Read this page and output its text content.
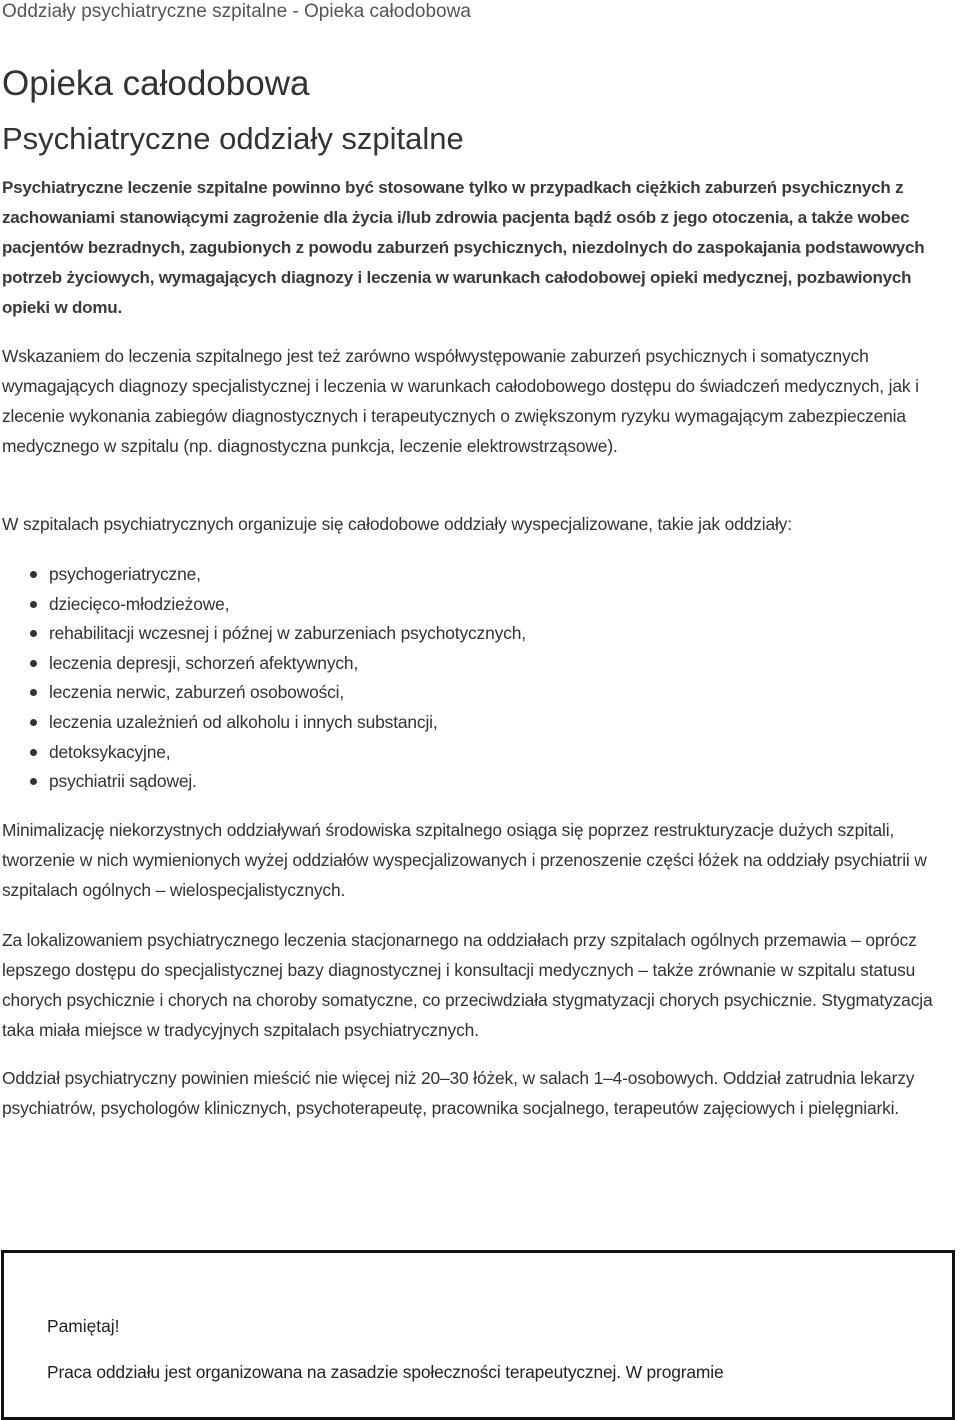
Oddziały psychiatryczne szpitalne - Opieka całodobowa
Opieka całodobowa
Psychiatryczne oddziały szpitalne

Psychiatryczne leczenie szpitalne powinno być stosowane tylko w przypadkach ciężkich zaburzeń psychicznych z zachowaniami stanowiącymi zagrożenie dla życia i/lub zdrowia pacjenta bądź osób z jego otoczenia, a także wobec pacjentów bezradnych, zagubionych z powodu zaburzeń psychicznych, niezdolnych do zaspokajania podstawowych potrzeb życiowych, wymagających diagnozy i leczenia w warunkach całodobowej opieki medycznej, pozbawionych opieki w domu.

Wskazaniem do leczenia szpitalnego jest też zarówno współwystępowanie zaburzeń psychicznych i somatycznych wymagających diagnozy specjalistycznej i leczenia w warunkach całodobowego dostępu do świadczeń medycznych, jak i zlecenie wykonania zabiegów diagnostycznych i terapeutycznych o zwiększonym ryzyku wymagającym zabezpieczenia medycznego w szpitalu (np. diagnostyczna punkcja, leczenie elektrowstrząsowe).

W szpitalach psychiatrycznych organizuje się całodobowe oddziały wyspecjalizowane, takie jak oddziały:

psychogeriatryczne,
dziecięco-młodzieżowe,
rehabilitacji wczesnej i późnej w zaburzeniach psychotycznych,
leczenia depresji, schorzeń afektywnych,
leczenia nerwic, zaburzeń osobowości,
leczenia uzależnień od alkoholu i innych substancji,
detoksykacyjne,
psychiatrii sądowej.

Minimalizację niekorzystnych oddziaływań środowiska szpitalnego osiąga się poprzez restrukturyzacje dużych szpitali, tworzenie w nich wymienionych wyżej oddziałów wyspecjalizowanych i przenoszenie części łóżek na oddziały psychiatrii w szpitalach ogólnych – wielospecjalistycznych.

Za lokalizowaniem psychiatrycznego leczenia stacjonarnego na oddziałach przy szpitalach ogólnych przemawia – oprócz lepszego dostępu do specjalistycznej bazy diagnostycznej i konsultacji medycznych – także zrównanie w szpitalu statusu chorych psychicznie i chorych na choroby somatyczne, co przeciwdziała stygmatyzacji chorych psychicznie. Stygmatyzacja taka miała miejsce w tradycyjnych szpitalach psychiatrycznych.

Oddział psychiatryczny powinien mieścić nie więcej niż 20–30 łóżek, w salach 1–4-osobowych. Oddział zatrudnia lekarzy psychiatrów, psychologów klinicznych, psychoterapeutę, pracownika socjalnego, terapeutów zajęciowych i pielęgniarki.

Pamiętaj!
Praca oddziału jest organizowana na zasadzie społeczności terapeutycznej. W programie
